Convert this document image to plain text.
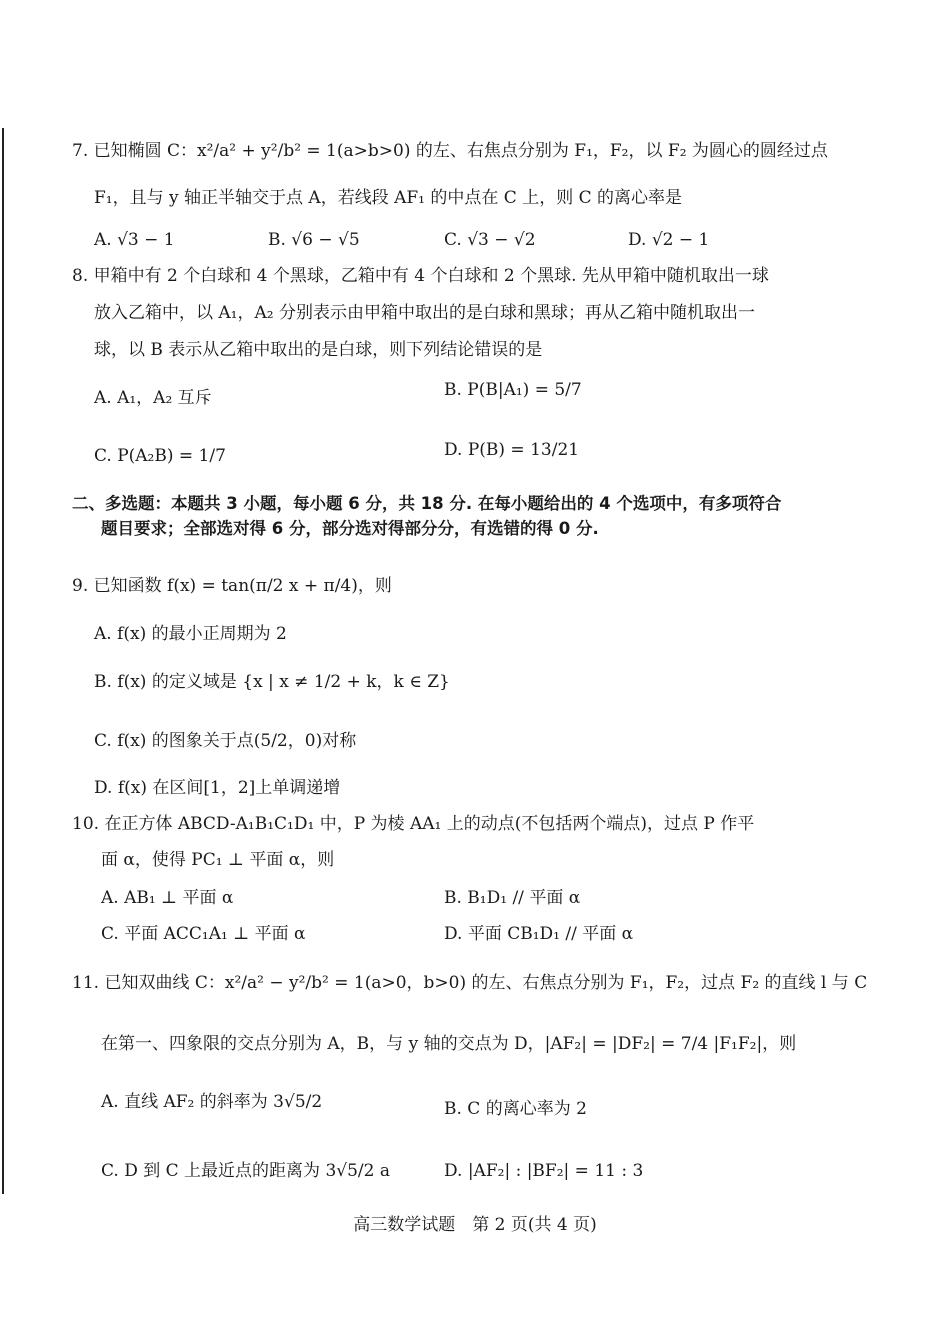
7. 已知椭圆 C：x²/a² + y²/b² = 1(a>b>0) 的左、右焦点分别为 F₁，F₂，以 F₂ 为圆心的圆经过点
F₁，且与 y 轴正半轴交于点 A，若线段 AF₁ 的中点在 C 上，则 C 的离心率是
A. √3 − 1	B. √6 − √5	C. √3 − √2	D. √2 − 1
8. 甲箱中有 2 个白球和 4 个黑球，乙箱中有 4 个白球和 2 个黑球. 先从甲箱中随机取出一球
放入乙箱中，以 A₁，A₂ 分别表示由甲箱中取出的是白球和黑球；再从乙箱中随机取出一
球，以 B 表示从乙箱中取出的是白球，则下列结论错误的是
A. A₁，A₂ 互斥	B. P(B|A₁) = 5/7
C. P(A₂B) = 1/7	D. P(B) = 13/21
二、多选题：本题共 3 小题，每小题 6 分，共 18 分. 在每小题给出的 4 个选项中，有多项符合
题目要求；全部选对得 6 分，部分选对得部分分，有选错的得 0 分.
9. 已知函数 f(x) = tan(π/2 x + π/4)，则
A. f(x) 的最小正周期为 2
B. f(x) 的定义域是 {x | x ≠ 1/2 + k，k ∈ Z}
C. f(x) 的图象关于点(5/2，0)对称
D. f(x) 在区间[1，2]上单调递增
10. 在正方体 ABCD-A₁B₁C₁D₁ 中，P 为棱 AA₁ 上的动点(不包括两个端点)，过点 P 作平
面 α，使得 PC₁ ⊥ 平面 α，则
A. AB₁ ⊥ 平面 α	B. B₁D₁ // 平面 α
C. 平面 ACC₁A₁ ⊥ 平面 α	D. 平面 CB₁D₁ // 平面 α
11. 已知双曲线 C：x²/a² − y²/b² = 1(a>0，b>0) 的左、右焦点分别为 F₁，F₂，过点 F₂ 的直线 l 与 C
在第一、四象限的交点分别为 A，B，与 y 轴的交点为 D，|AF₂| = |DF₂| = 7/4 |F₁F₂|，则
A. 直线 AF₂ 的斜率为 3√5/2	B. C 的离心率为 2
C. D 到 C 上最近点的距离为 3√5/2 a	D. |AF₂| : |BF₂| = 11 : 3
高三数学试题　第 2 页(共 4 页)
